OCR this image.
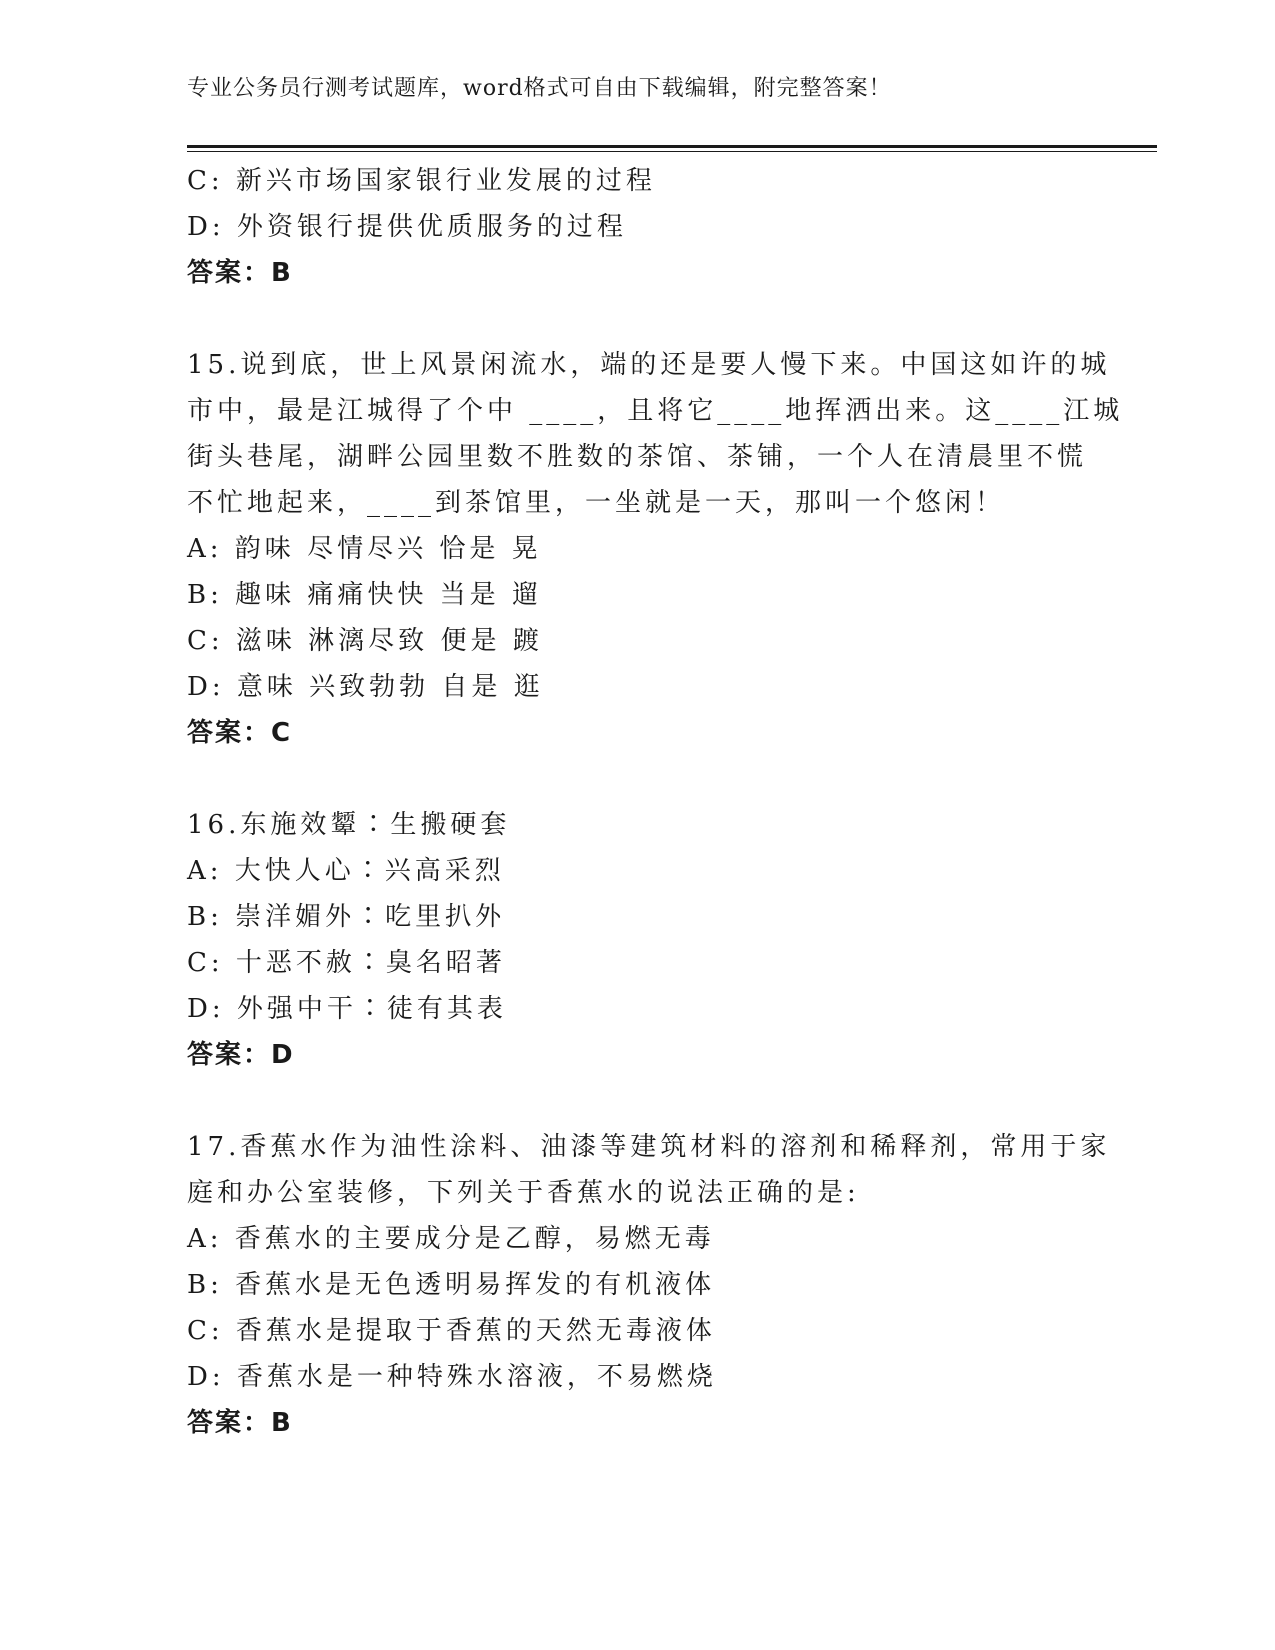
专业公务员行测考试题库，word格式可自由下载编辑，附完整答案！
C: 新兴市场国家银行业发展的过程
D: 外资银行提供优质服务的过程
答案：B
15.说到底，世上风景闲流水，端的还是要人慢下来。中国这如许的城
市中，最是江城得了个中 ____，且将它____地挥洒出来。这____江城
街头巷尾，湖畔公园里数不胜数的茶馆、茶铺，一个人在清晨里不慌
不忙地起来，____到茶馆里，一坐就是一天，那叫一个悠闲！
A: 韵味 尽情尽兴 恰是 晃
B: 趣味 痛痛快快 当是 遛
C: 滋味 淋漓尽致 便是 踱
D: 意味 兴致勃勃 自是 逛
答案：C
16.东施效颦∶生搬硬套
A: 大快人心∶兴高采烈
B: 崇洋媚外∶吃里扒外
C: 十恶不赦∶臭名昭著
D: 外强中干∶徒有其表
答案：D
17.香蕉水作为油性涂料、油漆等建筑材料的溶剂和稀释剂，常用于家
庭和办公室装修，下列关于香蕉水的说法正确的是:
A: 香蕉水的主要成分是乙醇，易燃无毒
B: 香蕉水是无色透明易挥发的有机液体
C: 香蕉水是提取于香蕉的天然无毒液体
D: 香蕉水是一种特殊水溶液，不易燃烧
答案：B
